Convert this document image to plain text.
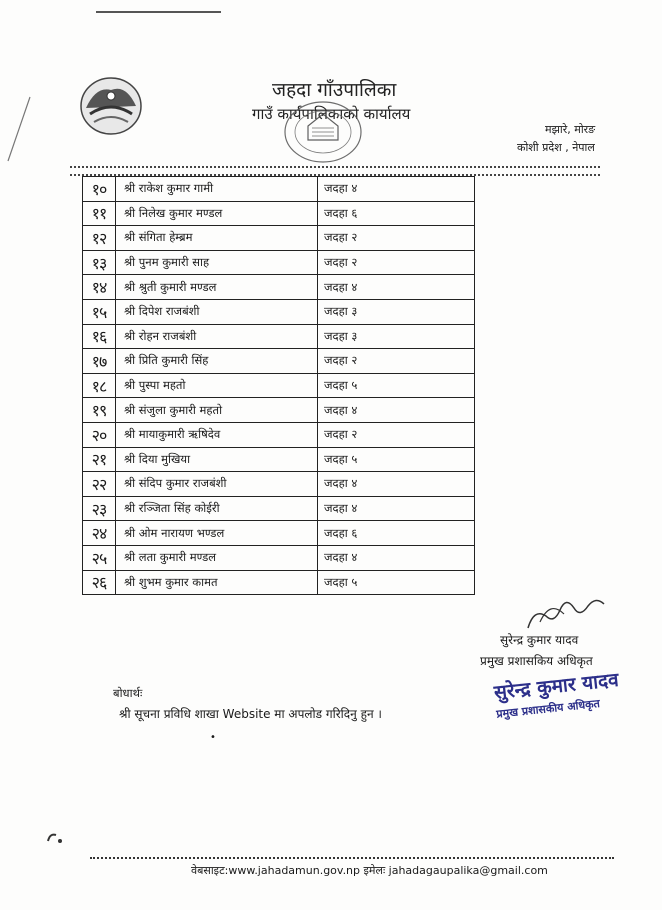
जहदा गाँउपालिका
गाउँ कार्यपालिकाको कार्यालय
मझारे, मोरङ
कोशी प्रदेश , नेपाल
१०	श्री राकेश कुमार गामी	जदहा ४
११	श्री निलेख कुमार मण्डल	जदहा ६
१२	श्री संगिता हेम्ब्रम	जदहा २
१३	श्री पुनम कुमारी साह	जदहा २
१४	श्री श्रुती कुमारी मण्डल	जदहा ४
१५	श्री दिपेश राजबंशी	जदहा ३
१६	श्री रोहन राजबंशी	जदहा ३
१७	श्री प्रिति कुमारी सिंह	जदहा २
१८	श्री पुस्पा महतो	जदहा ५
१९	श्री संजुला कुमारी महतो	जदहा ४
२०	श्री मायाकुमारी ऋषिदेव	जदहा २
२१	श्री दिया मुखिया	जदहा ५
२२	श्री संदिप कुमार राजबंशी	जदहा ४
२३	श्री रञ्जिता सिंह कोईरी	जदहा ४
२४	श्री ओम नारायण भण्डल	जदहा ६
२५	श्री लता कुमारी मण्डल	जदहा ४
२६	श्री शुभम कुमार कामत	जदहा ५
सुरेन्द्र कुमार यादव
प्रमुख प्रशासकिय अधिकृत
सुरेन्द्र कुमार यादव
प्रमुख प्रशासकीय अधिकृत
बोधार्थः
श्री सूचना प्रविधि शाखा Website मा अपलोड गरिदिनु हुन ।
•
वेबसाइट:www.jahadamun.gov.np इमेलः jahadagaupalika@gmail.com
